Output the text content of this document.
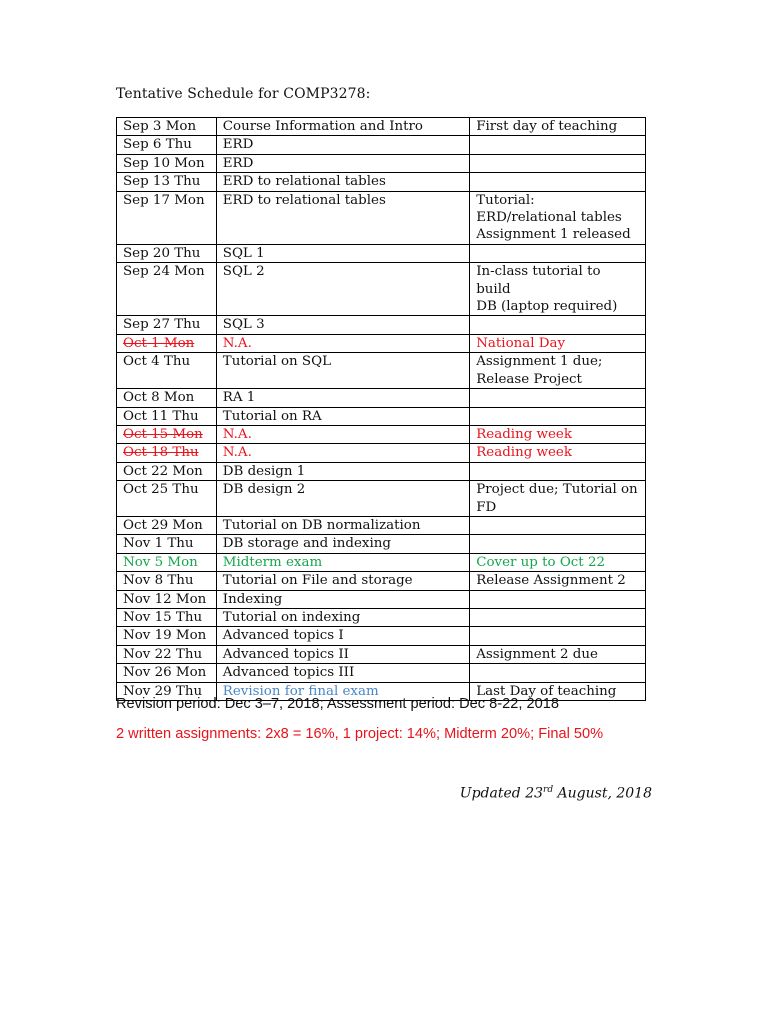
Tentative Schedule for COMP3278:
Sep 3 Mon	Course Information and Intro	First day of teaching
Sep 6 Thu	ERD	
Sep 10 Mon	ERD	
Sep 13 Thu	ERD to relational tables	
Sep 17 Mon	ERD to relational tables	Tutorial:
ERD/relational tables
Assignment 1 released

Sep 20 Thu	SQL 1	
Sep 24 Mon	SQL 2	In-class tutorial to build
DB (laptop required)

Sep 27 Thu	SQL 3	
Oct 1 Mon	N.A.	National Day
Oct 4 Thu	Tutorial on SQL	Assignment 1 due;
Release Project

Oct 8 Mon	RA 1	
Oct 11 Thu	Tutorial on RA	
Oct 15 Mon	N.A.	Reading week
Oct 18 Thu	N.A.	Reading week
Oct 22 Mon	DB design 1	
Oct 25 Thu	DB design 2	Project due; Tutorial on
FD

Oct 29 Mon	Tutorial on DB normalization	
Nov 1 Thu	DB storage and indexing	
Nov 5 Mon	Midterm exam	Cover up to Oct 22
Nov 8 Thu	Tutorial on File and storage	Release Assignment 2
Nov 12 Mon	Indexing	
Nov 15 Thu	Tutorial on indexing	
Nov 19 Mon	Advanced topics I	
Nov 22 Thu	Advanced topics II	Assignment 2 due
Nov 26 Mon	Advanced topics III	
Nov 29 Thu	Revision for final exam	Last Day of teaching
Revision period: Dec 3–7, 2018; Assessment period: Dec 8-22, 2018
2 written assignments: 2x8 = 16%, 1 project: 14%; Midterm 20%; Final 50%
Updated 23rd August, 2018
